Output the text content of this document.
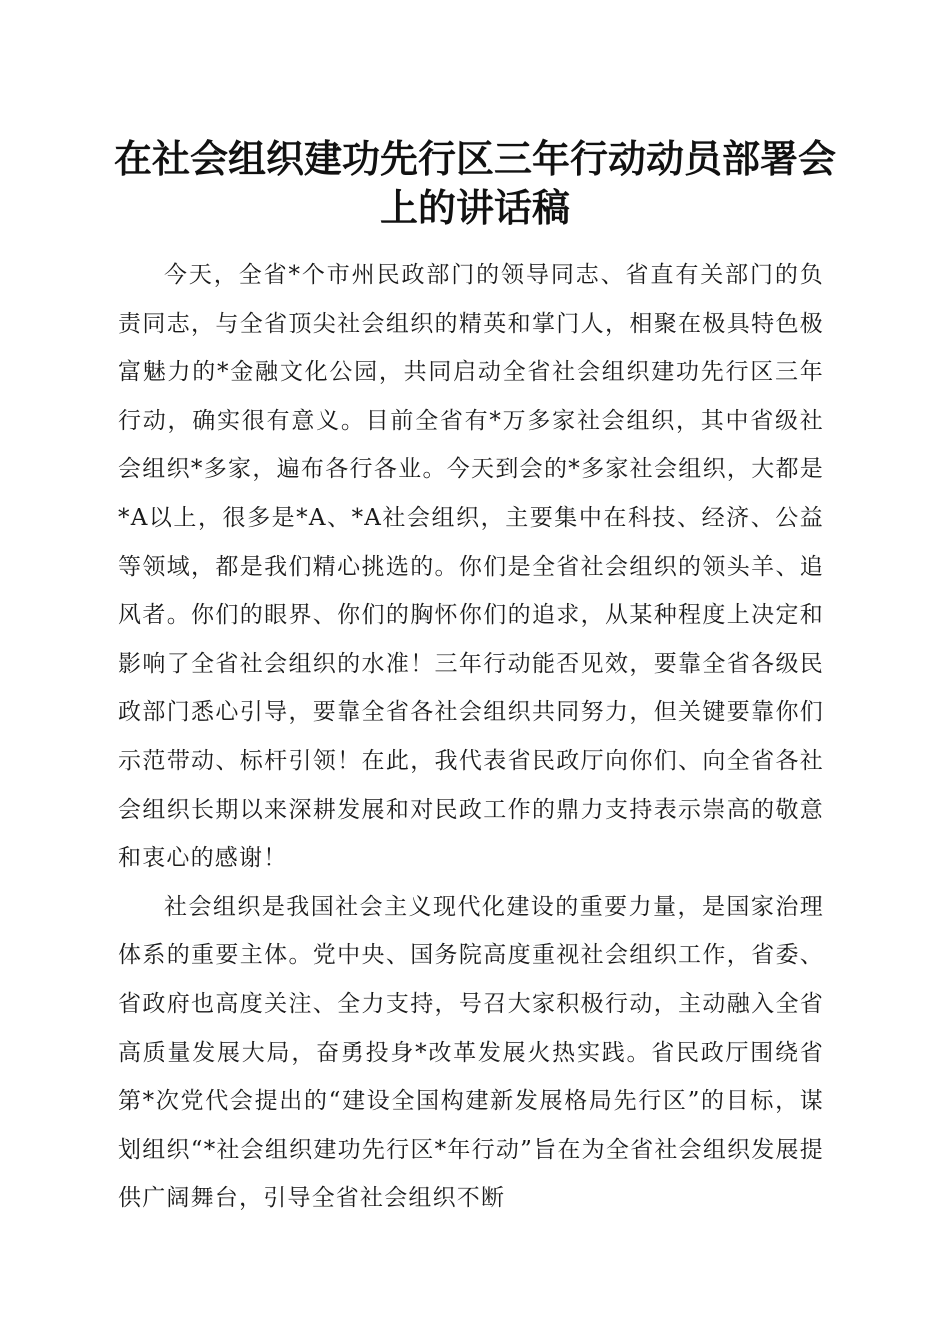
在社会组织建功先行区三年行动动员部署会上的讲话稿

今天，全省*个市州民政部门的领导同志、省直有关部门的负责同志，与全省顶尖社会组织的精英和掌门人，相聚在极具特色极富魅力的*金融文化公园，共同启动全省社会组织建功先行区三年行动，确实很有意义。目前全省有*万多家社会组织，其中省级社会组织*多家，遍布各行各业。今天到会的*多家社会组织，大都是*A以上，很多是*A、*A社会组织，主要集中在科技、经济、公益等领域，都是我们精心挑选的。你们是全省社会组织的领头羊、追风者。你们的眼界、你们的胸怀你们的追求，从某种程度上决定和影响了全省社会组织的水准！三年行动能否见效，要靠全省各级民政部门悉心引导，要靠全省各社会组织共同努力，但关键要靠你们示范带动、标杆引领！在此，我代表省民政厅向你们、向全省各社会组织长期以来深耕发展和对民政工作的鼎力支持表示崇高的敬意和衷心的感谢！

社会组织是我国社会主义现代化建设的重要力量，是国家治理体系的重要主体。党中央、国务院高度重视社会组织工作，省委、省政府也高度关注、全力支持，号召大家积极行动，主动融入全省高质量发展大局，奋勇投身*改革发展火热实践。省民政厅围绕省第*次党代会提出的“建设全国构建新发展格局先行区”的目标，谋划组织“*社会组织建功先行区*年行动”旨在为全省社会组织发展提供广阔舞台，引导全省社会组织不断
